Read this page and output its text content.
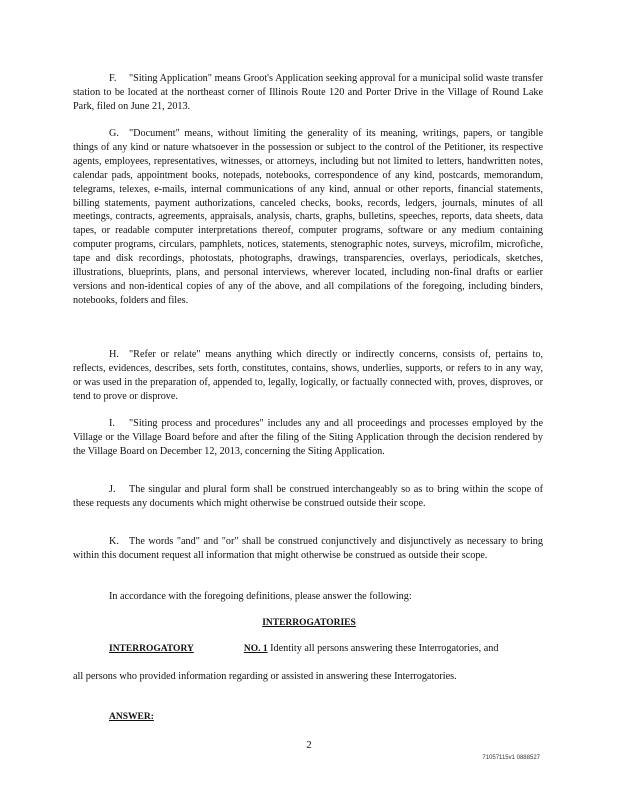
F. "Siting Application" means Groot's Application seeking approval for a municipal solid waste transfer station to be located at the northeast corner of Illinois Route 120 and Porter Drive in the Village of Round Lake Park, filed on June 21, 2013.

G. "Document" means, without limiting the generality of its meaning, writings, papers, or tangible things of any kind or nature whatsoever in the possession or subject to the control of the Petitioner, its respective agents, employees, representatives, witnesses, or attorneys, including but not limited to letters, handwritten notes, calendar pads, appointment books, notepads, notebooks, correspondence of any kind, postcards, memorandum, telegrams, telexes, e-mails, internal communications of any kind, annual or other reports, financial statements, billing statements, payment authorizations, canceled checks, books, records, ledgers, journals, minutes of all meetings, contracts, agreements, appraisals, analysis, charts, graphs, bulletins, speeches, reports, data sheets, data tapes, or readable computer interpretations thereof, computer programs, software or any medium containing computer programs, circulars, pamphlets, notices, statements, stenographic notes, surveys, microfilm, microfiche, tape and disk recordings, photostats, photographs, drawings, transparencies, overlays, periodicals, sketches, illustrations, blueprints, plans, and personal interviews, wherever located, including non-final drafts or earlier versions and non-identical copies of any of the above, and all compilations of the foregoing, including binders, notebooks, folders and files.

H. "Refer or relate" means anything which directly or indirectly concerns, consists of, pertains to, reflects, evidences, describes, sets forth, constitutes, contains, shows, underlies, supports, or refers to in any way, or was used in the preparation of, appended to, legally, logically, or factually connected with, proves, disproves, or tend to prove or disprove.

I. "Siting process and procedures" includes any and all proceedings and processes employed by the Village or the Village Board before and after the filing of the Siting Application through the decision rendered by the Village Board on December 12, 2013, concerning the Siting Application.

J. The singular and plural form shall be construed interchangeably so as to bring within the scope of these requests any documents which might otherwise be construed outside their scope.

K. The words "and" and "or" shall be construed conjunctively and disjunctively as necessary to bring within this document request all information that might otherwise be construed as outside their scope.

In accordance with the foregoing definitions, please answer the following:

INTERROGATORIES
INTERROGATORY	NO. 1 Identity all persons answering these Interrogatories, and
all persons who provided information regarding or assisted in answering these Interrogatories.
ANSWER:
2
71057115v1 0888527
